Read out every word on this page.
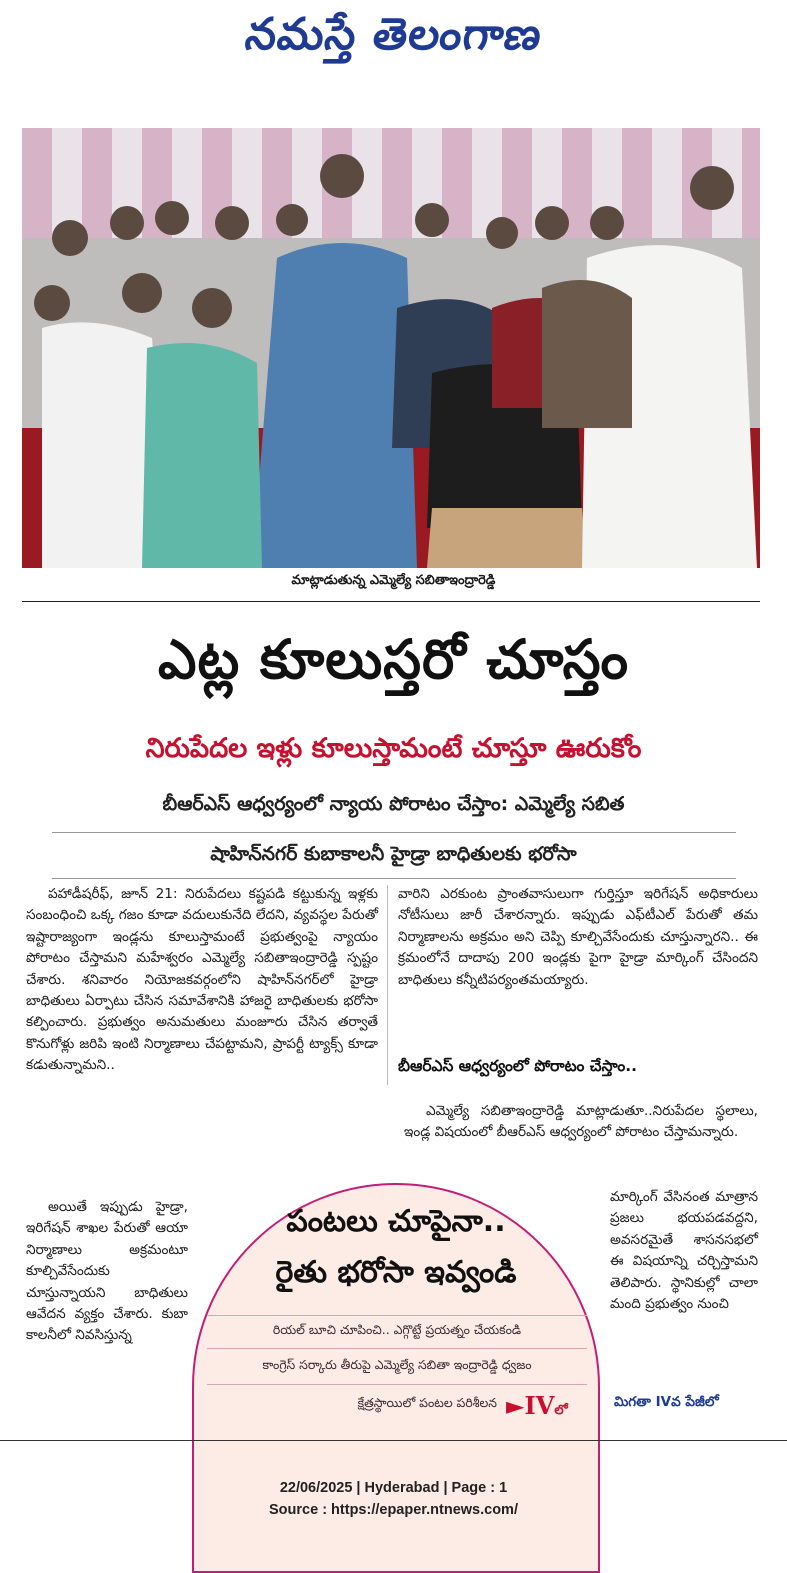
నమస్తే తెలంగాణ
మాట్లాడుతున్న ఎమ్మెల్యే సబితాఇంద్రారెడ్డి
ఎట్ల కూలుస్తరో చూస్తం
నిరుపేదల ఇళ్లు కూలుస్తామంటే చూస్తూ ఊరుకోం
బీఆర్ఎస్ ఆధ్వర్యంలో న్యాయ పోరాటం చేస్తాం: ఎమ్మెల్యే సబిత
షాహిన్‌నగర్ కుబాకాలనీ హైడ్రా బాధితులకు భరోసా

పహాడీషరీఫ్, జూన్ 21: నిరుపేదలు కష్టపడి కట్టుకున్న ఇళ్లకు సంబంధించి ఒక్క గజం కూడా వదులుకునేది లేదని, వ్యవస్థల పేరుతో ఇష్టారాజ్యంగా ఇండ్లను కూలుస్తామంటే ప్రభుత్వంపై న్యాయం పోరాటం చేస్తామని మహేశ్వరం ఎమ్మెల్యే సబితాఇంద్రారెడ్డి స్పష్టం చేశారు. శనివారం నియోజకవర్గంలోని షాహిన్‌నగర్‌లో హైడ్రా బాధితులు ఏర్పాటు చేసిన సమావేశానికి హాజరై బాధితులకు భరోసా కల్పించారు. ప్రభుత్వం అనుమతులు మంజూరు చేసిన తర్వాతే కొనుగోళ్లు జరిపి ఇంటి నిర్మాణాలు చేపట్టామని, ప్రాపర్టీ ట్యాక్స్ కూడా కడుతున్నామని..

అయితే ఇప్పుడు హైడ్రా, ఇరిగేషన్ శాఖల పేరుతో ఆయా నిర్మాణాలు అక్రమంటూ కూల్చివేసేందుకు చూస్తున్నాయని బాధితులు ఆవేదన వ్యక్తం చేశారు. కుబా కాలనీలో నివసిస్తున్న

వారిని ఎరకుంట ప్రాంతవాసులుగా గుర్తిస్తూ ఇరిగేషన్ అధికారులు నోటీసులు జారీ చేశారన్నారు. ఇప్పుడు ఎఫ్‌టీఎల్ పేరుతో తమ నిర్మాణాలను అక్రమం అని చెప్పి కూల్చివేసేందుకు చూస్తున్నారని.. ఈ క్రమంలోనే దాదాపు 200 ఇండ్లకు పైగా హైడ్రా మార్కింగ్ చేసిందని బాధితులు కన్నీటిపర్యంతమయ్యారు.

బీఆర్ఎస్ ఆధ్వర్యంలో పోరాటం చేస్తాం..

ఎమ్మెల్యే సబితాఇంద్రారెడ్డి మాట్లాడుతూ..నిరుపేదల స్థలాలు, ఇండ్ల విషయంలో బీఆర్ఎస్ ఆధ్వర్యంలో పోరాటం చేస్తామన్నారు.

మార్కింగ్ వేసినంత మాత్రాన ప్రజలు భయపడవద్దని, అవసరమైతే శాసనసభలో ఈ విషయాన్ని చర్చిస్తామని తెలిపారు. స్థానికుల్లో చాలా మంది ప్రభుత్వం నుంచి

పంటలు చూపైనా..
రైతు భరోసా ఇవ్వండి
రియల్ బూచి చూపించి.. ఎగ్గొట్టే ప్రయత్నం చేయకండి
కాంగ్రెస్ సర్కారు తీరుపై ఎమ్మెల్యే సబితా ఇంద్రారెడ్డి ధ్వజం
క్షేత్రస్థాయిలో పంటల పరిశీలన ►IVలో
మిగతా IVవ పేజీలో
22/06/2025 | Hyderabad | Page : 1
Source : https://epaper.ntnews.com/
